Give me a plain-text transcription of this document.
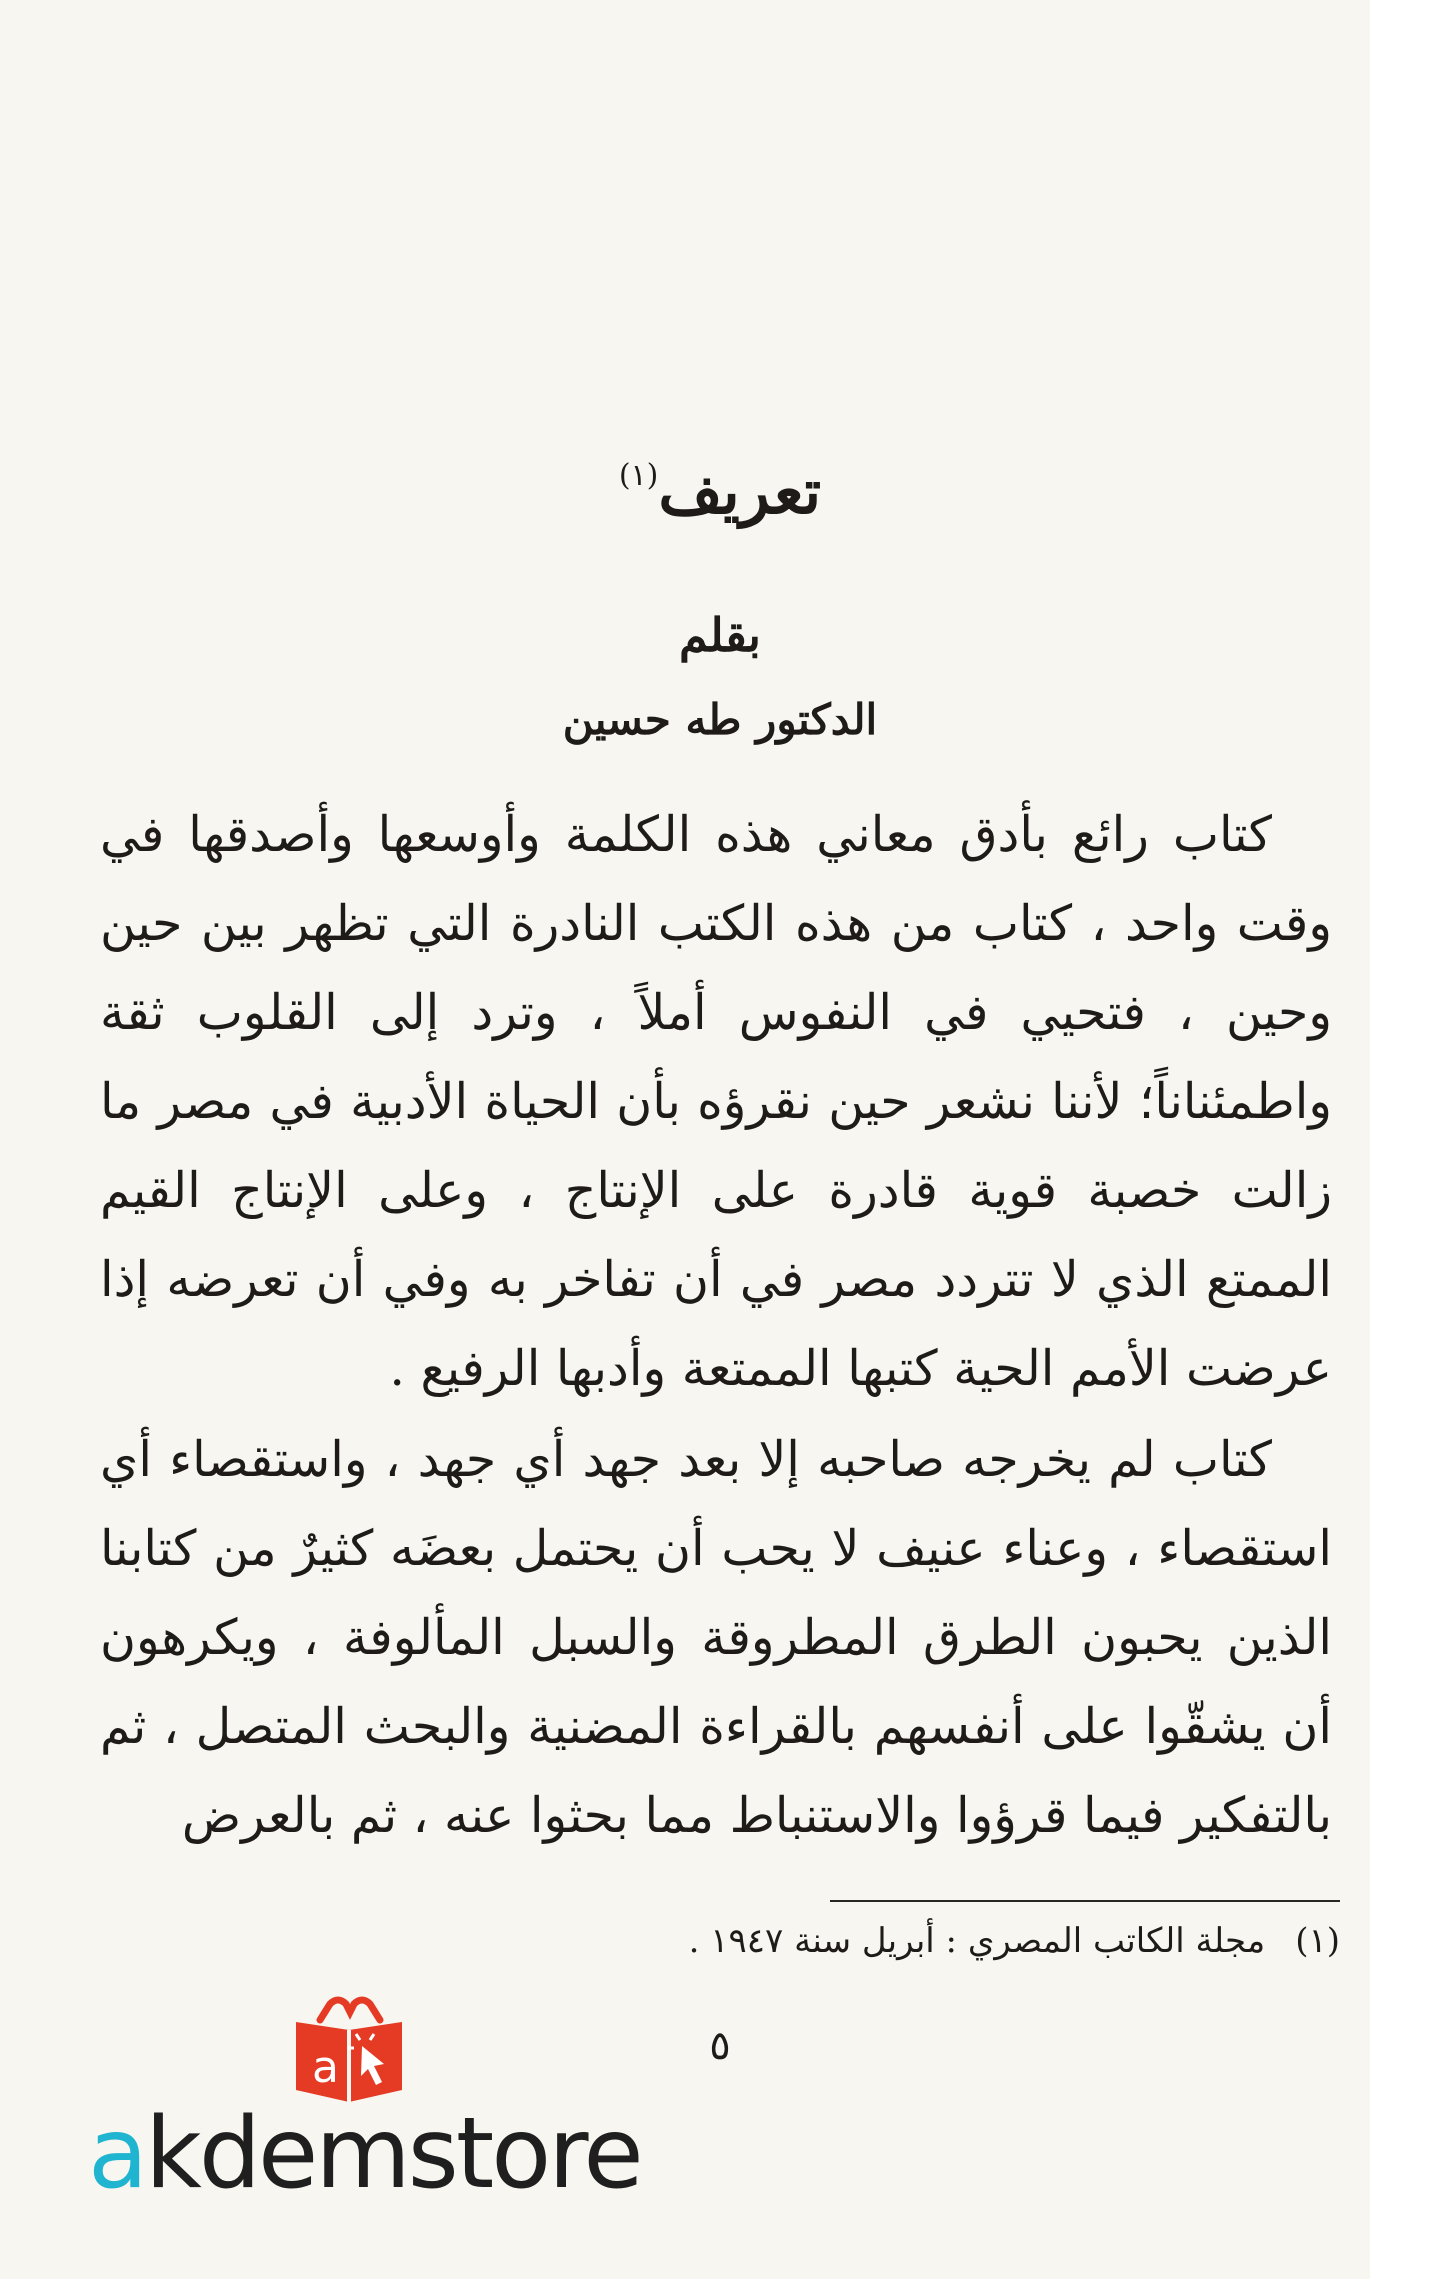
تعريف$^{(١)}$
بقلم
الدكتور طه حسين

كتاب رائع بأدق معاني هذه الكلمة وأوسعها وأصدقها في وقت واحد ، كتاب من هذه الكتب النادرة التي تظهر بين حين وحين ، فتحيي في النفوس أملاً ، وترد إلى القلوب ثقة واطمئناناً؛ لأننا نشعر حين نقرؤه بأن الحياة الأدبية في مصر ما زالت خصبة قوية قادرة على الإنتاج ، وعلى الإنتاج القيم الممتع الذي لا تتردد مصر في أن تفاخر به وفي أن تعرضه إذا عرضت الأمم الحية كتبها الممتعة وأدبها الرفيع .

كتاب لم يخرجه صاحبه إلا بعد جهد أي جهد ، واستقصاء أي استقصاء ، وعناء عنيف لا يحب أن يحتمل بعضَه كثيرٌ من كتابنا الذين يحبون الطرق المطروقة والسبل المألوفة ، ويكرهون أن يشقّوا على أنفسهم بالقراءة المضنية والبحث المتصل ، ثم بالتفكير فيما قرؤوا والاستنباط مما بحثوا عنه ، ثم بالعرض

(١)مجلة الكاتب المصري : أبريل سنة ١٩٤٧ .
٥
a
akdemstore
